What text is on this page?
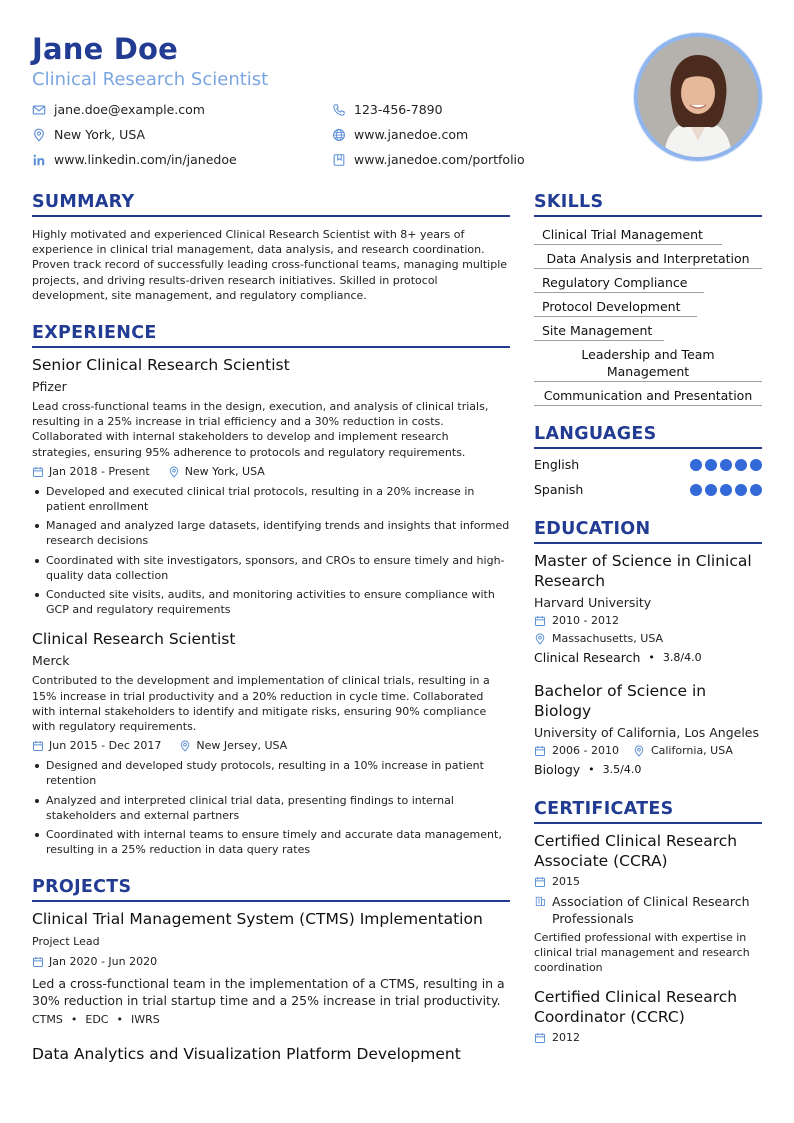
Jane Doe
Clinical Research Scientist
jane.doe@example.com	123-456-7890
New York, USA	www.janedoe.com
www.linkedin.com/in/janedoe	www.janedoe.com/portfolio
SUMMARY

Highly motivated and experienced Clinical Research Scientist with 8+ years of experience in clinical trial management, data analysis, and research coordination. Proven track record of successfully leading cross-functional teams, managing multiple projects, and driving results-driven research initiatives. Skilled in protocol development, site management, and regulatory compliance.

EXPERIENCE
Senior Clinical Research Scientist
Pfizer

Lead cross-functional teams in the design, execution, and analysis of clinical trials, resulting in a 25% increase in trial efficiency and a 30% reduction in costs. Collaborated with internal stakeholders to develop and implement research strategies, ensuring 95% adherence to protocols and regulatory requirements.

Jan 2018 - Present	New York, USA
Developed and executed clinical trial protocols, resulting in a 20% increase in patient enrollment
Managed and analyzed large datasets, identifying trends and insights that informed research decisions
Coordinated with site investigators, sponsors, and CROs to ensure timely and high-quality data collection
Conducted site visits, audits, and monitoring activities to ensure compliance with GCP and regulatory requirements
Clinical Research Scientist
Merck

Contributed to the development and implementation of clinical trials, resulting in a 15% increase in trial productivity and a 20% reduction in cycle time. Collaborated with internal stakeholders to identify and mitigate risks, ensuring 90% compliance with regulatory requirements.

Jun 2015 - Dec 2017	New Jersey, USA
Designed and developed study protocols, resulting in a 10% increase in patient retention
Analyzed and interpreted clinical trial data, presenting findings to internal stakeholders and external partners
Coordinated with internal teams to ensure timely and accurate data management, resulting in a 25% reduction in data query rates
PROJECTS
Clinical Trial Management System (CTMS) Implementation
Project Lead
Jan 2020 - Jun 2020

Led a cross-functional team in the implementation of a CTMS, resulting in a 30% reduction in trial startup time and a 25% increase in trial productivity.

CTMS • EDC • IWRS
Data Analytics and Visualization Platform Development
SKILLS
Clinical Trial Management
Data Analysis and Interpretation
Regulatory Compliance
Protocol Development
Site Management
Leadership and Team Management
Communication and Presentation
LANGUAGES
English
Spanish
EDUCATION
Master of Science in Clinical Research
Harvard University
2010 - 2012
Massachusetts, USA
Clinical Research • 3.8/4.0
Bachelor of Science in Biology
University of California, Los Angeles
2006 - 2010	California, USA
Biology • 3.5/4.0
CERTIFICATES
Certified Clinical Research Associate (CCRA)
2015
Association of Clinical Research Professionals

Certified professional with expertise in clinical trial management and research coordination

Certified Clinical Research Coordinator (CCRC)
2012
